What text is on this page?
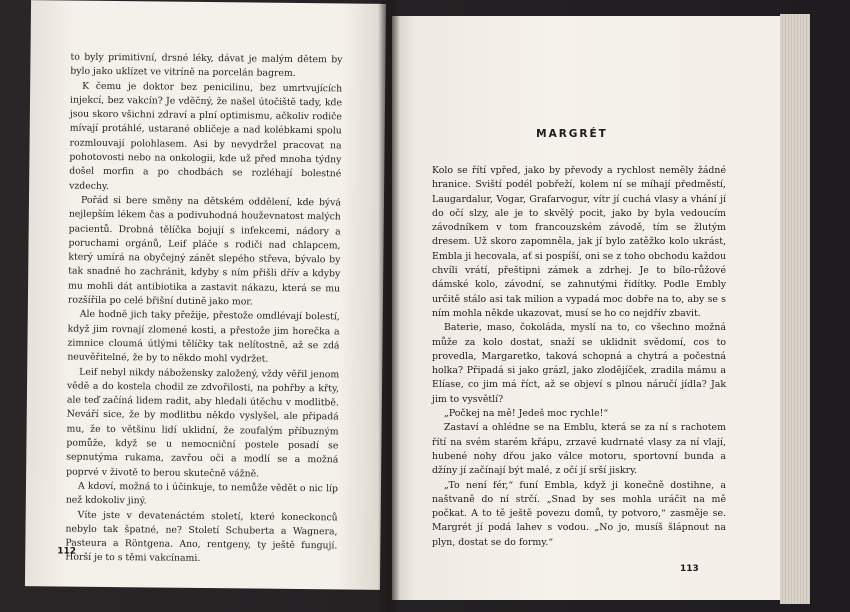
to byly primitivní, drsné léky, dávat je malým dětem by bylo jako uklízet ve vitríně na porcelán bagrem.

K čemu je doktor bez penicilinu, bez umrtvujících injekcí, bez vakcín? Je vděčný, že našel útočiště tady, kde jsou skoro všichni zdraví a plní optimismu, ačkoliv rodiče mívají protáhlé, ustarané obličeje a nad kolébkami spolu rozmlouvají polohlasem. Asi by nevydržel pracovat na pohotovosti nebo na onkologii, kde už před mnoha týdny došel morfin a po chodbách se rozléhají bolestné vzdechy.

Pořád si bere směny na dětském oddělení, kde bývá nejlepším lékem čas a podivuhodná houževnatost malých pacientů. Drobná tělíčka bojují s infekcemi, nádory a poruchami orgánů, Leif pláče s rodiči nad chlapcem, který umírá na obyčejný zánět slepého střeva, bývalo by tak snadné ho zachránit, kdyby s ním přišli dřív a kdyby mu mohli dát antibiotika a zastavit nákazu, která se mu rozšířila po celé břišní dutině jako mor.

Ale hodně jich taky přežije, přestože omdlévají bolestí, když jim rovnají zlomené kosti, a přestože jim horečka a zimnice cloumá útlými tělíčky tak nelítostně, až se zdá neuvěřitelné, že by to někdo mohl vydržet.

Leif nebyl nikdy nábožensky založený, vždy věřil jenom vědě a do kostela chodil ze zdvořilosti, na pohřby a křty, ale teď začíná lidem radit, aby hledali útěchu v modlitbě. Neváří sice, že by modlitbu někdo vyslyšel, ale připadá mu, že to většinu lidí uklidní, že zoufalým příbuzným pomůže, když se u nemocniční postele posadí se sepnutýma rukama, zavřou oči a modlí se a možná poprvé v životě to berou skutečně vážně.

A kdoví, možná to i účinkuje, to nemůže vědět o nic líp než kdokoliv jiný.

Víte jste v devatenáctém století, které koneckonců nebylo tak špatné, ne? Století Schuberta a Wagnera, Pasteura a Röntgena. Ano, rentgeny, ty ještě fungují. Horší je to s těmi vakcínami.

112
MARGRÉT

Kolo se řítí vpřed, jako by převody a rychlost neměly žádné hranice. Sviští podél pobřeží, kolem ní se míhají předměstí, Laugardalur, Vogar, Grafarvogur, vítr jí cuchá vlasy a vhání jí do očí slzy, ale je to skvělý pocit, jako by byla vedoucím závodníkem v tom francouzském závodě, tím se žlutým dresem. Už skoro zapomněla, jak jí bylo zatěžko kolo ukrást, Embla ji hecovala, ať si pospíší, oni se z toho obchodu každou chvíli vrátí, přeštipni zámek a zdrhej. Je to bílo-růžové dámské kolo, závodní, se zahnutými řidítky. Podle Embly určitě stálo asi tak milion a vypadá moc dobře na to, aby se s ním mohla někde ukazovat, musí se ho co nejdřív zbavit.

Baterie, maso, čokoláda, myslí na to, co všechno možná může za kolo dostat, snaží se uklidnit svědomí, cos to provedla, Margaretko, taková schopná a chytrá a počestná holka? Připadá si jako grázl, jako zlodějíček, zradila mámu a Elíase, co jim má říct, až se objeví s plnou náručí jídla? Jak jim to vysvětlí?

„Počkej na mě! Jedeš moc rychle!“

Zastaví a ohlédne se na Emblu, která se za ní s rachotem řítí na svém starém křápu, zrzavé kudrnaté vlasy za ní vlají, hubené nohy dřou jako válce motoru, sportovní bunda a džíny jí začínají být malé, z očí jí srší jiskry.

„To není fér,“ funí Embla, když ji konečně dostihne, a naštvaně do ní strčí. „Snad by ses mohla uráčit na mě počkat. A to tě ještě povezu domů, ty potvoro,“ zasměje se. Margrét jí podá lahev s vodou. „No jo, musíš šlápnout na plyn, dostat se do formy.“

113
